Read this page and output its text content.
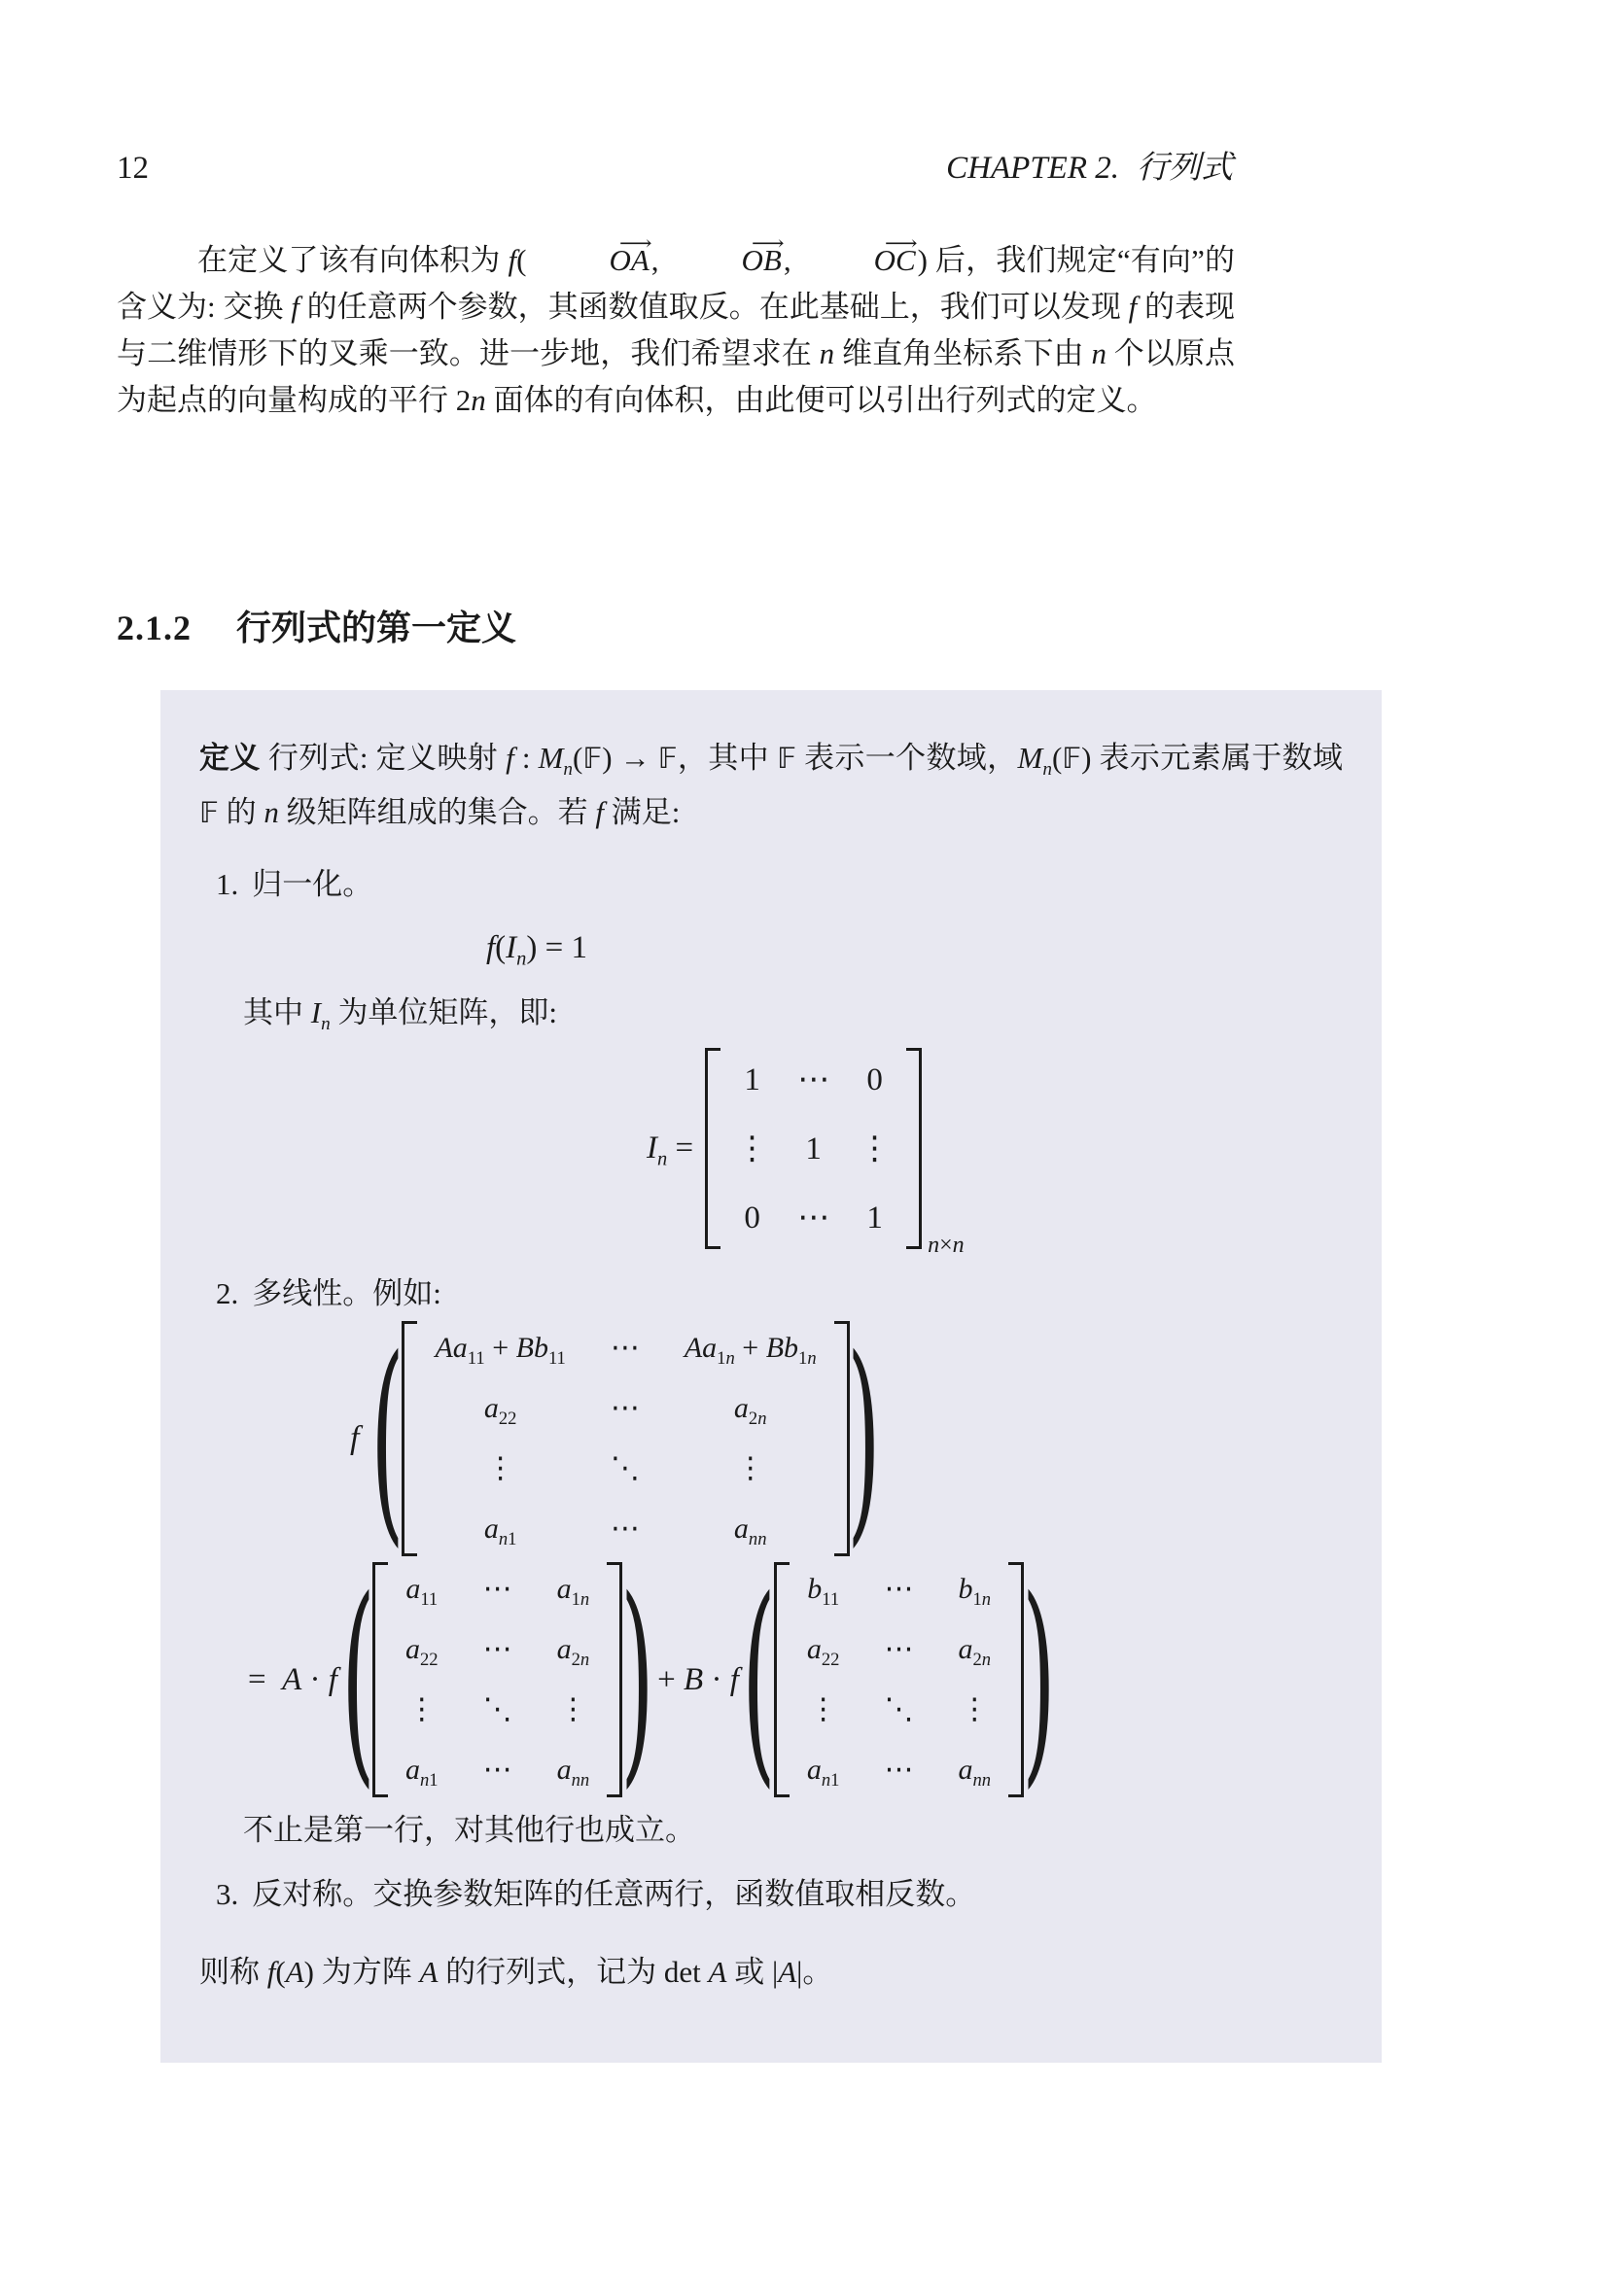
12	CHAPTER 2. 行列式
在定义了该有向体积为 f(	⟶ OA,	⟶ OB,	⟶ OC) 后，我们规定“有向”的含义为: 交换 f 的任意两个参数，其函数值取反。在此基础上，我们可以发现 f 的表现与二维情形下的叉乘一致。进一步地，我们希望求在 n 维直角坐标系下由 n 个以原点为起点的向量构成的平行 2n 面体的有向体积，由此便可以引出行列式的定义。
2.1.2 行列式的第一定义
定义 行列式: 定义映射 f : $M_n(𝔽)$ → 𝔽，其中 𝔽 表示一个数域，$M_n(𝔽)$ 表示元素属于数域 𝔽 的 n 级矩阵组成的集合。若 f 满足:
1. 归一化。
$f(I_n) = 1$
其中 $I_n$ 为单位矩阵，即:
$I_n$ =
1 ⋯ 0
⋮ 1 ⋮
0 ⋯ 1
n×n
2. 多线性。例如:
f ( $Aa_{11} + Bb_{11}$ ⋯ $Aa_{1n} + Bb_{1n}$
$a_{22}$	⋯	$a_{2n}$
⋮	⋱	⋮
$a_{n1}$	⋯	$a_{nn}$ )
=  A · f ( $a_{11}$ ⋯ $a_{1n}$
$a_{22}$ ⋯ $a_{2n}$
⋮ ⋱ ⋮
$a_{n1}$ ⋯ $a_{nn}$ ) + B · f ( $b_{11}$ ⋯ $b_{1n}$
$a_{22}$ ⋯ $a_{2n}$
⋮ ⋱ ⋮
$a_{n1}$ ⋯ $a_{nn}$ )
不止是第一行，对其他行也成立。
3. 反对称。交换参数矩阵的任意两行，函数值取相反数。
则称 f(A) 为方阵 A 的行列式，记为 det A 或 |A|。
